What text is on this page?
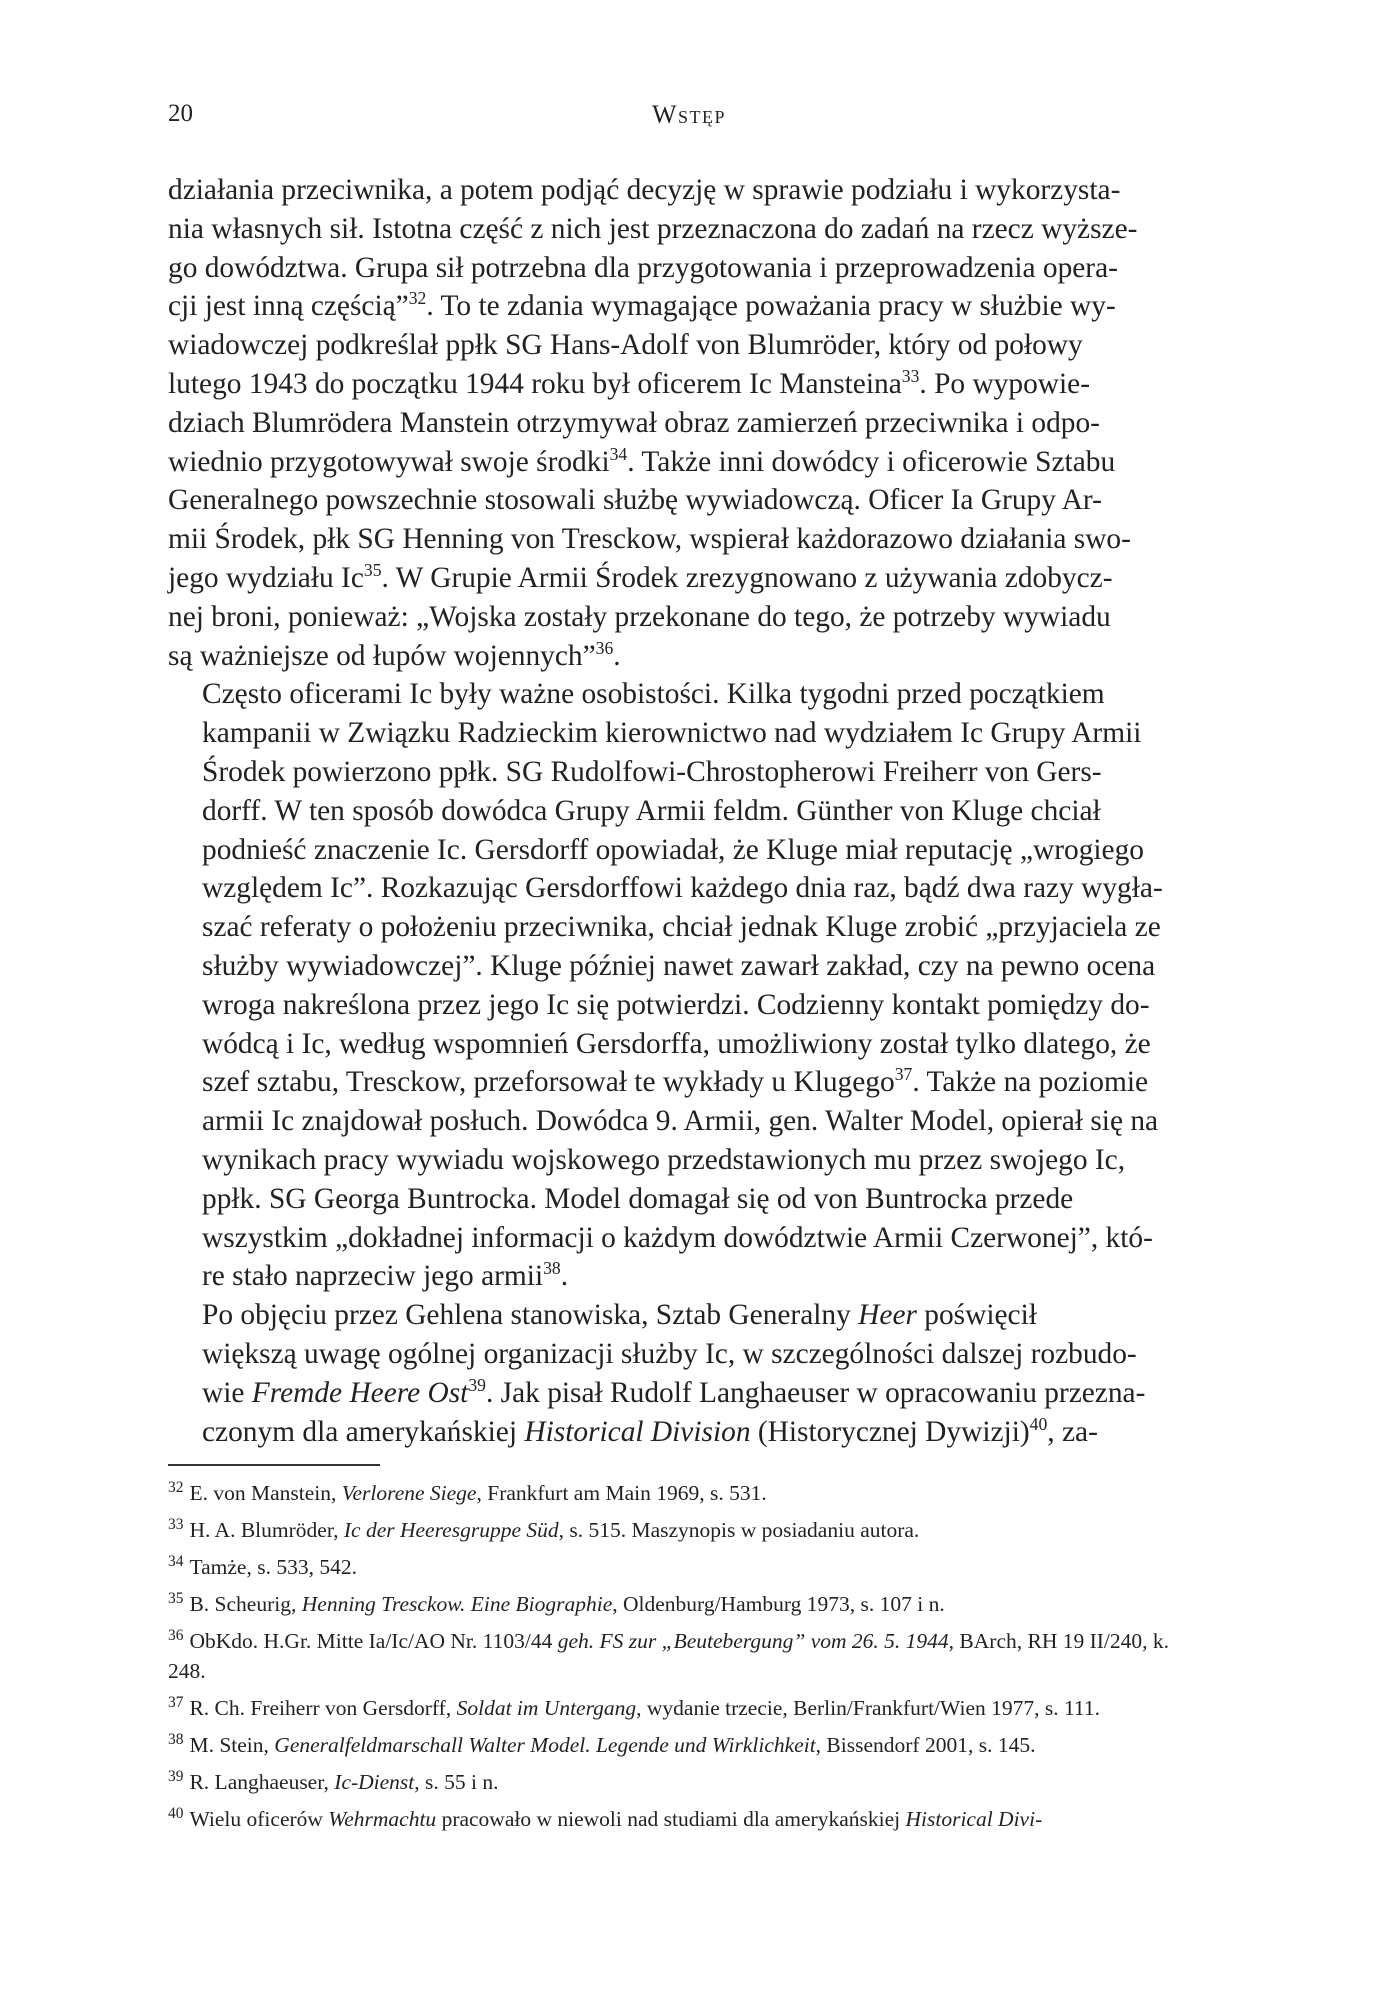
20	Wstęp
działania przeciwnika, a potem podjąć decyzję w sprawie podziału i wykorzysta-
nia własnych sił. Istotna część z nich jest przeznaczona do zadań na rzecz wyższe-
go dowództwa. Grupa sił potrzebna dla przygotowania i przeprowadzenia opera-
cji jest inną częścią”$^{32}$. To te zdania wymagające poważania pracy w służbie wy-
wiadowczej podkreślał ppłk SG Hans-Adolf von Blumröder, który od połowy
lutego 1943 do początku 1944 roku był oficerem Ic Mansteina$^{33}$. Po wypowie-
dziach Blumrödera Manstein otrzymywał obraz zamierzeń przeciwnika i odpo-
wiednio przygotowywał swoje środki$^{34}$. Także inni dowódcy i oficerowie Sztabu
Generalnego powszechnie stosowali służbę wywiadowczą. Oficer Ia Grupy Ar-
mii Środek, płk SG Henning von Tresckow, wspierał każdorazowo działania swo-
jego wydziału Ic$^{35}$. W Grupie Armii Środek zrezygnowano z używania zdobycz-
nej broni, ponieważ: „Wojska zostały przekonane do tego, że potrzeby wywiadu
są ważniejsze od łupów wojennych”$^{36}$.
Często oficerami Ic były ważne osobistości. Kilka tygodni przed początkiem
kampanii w Związku Radzieckim kierownictwo nad wydziałem Ic Grupy Armii
Środek powierzono ppłk. SG Rudolfowi-Chrostopherowi Freiherr von Gers-
dorff. W ten sposób dowódca Grupy Armii feldm. Günther von Kluge chciał
podnieść znaczenie Ic. Gersdorff opowiadał, że Kluge miał reputację „wrogiego
względem Ic”. Rozkazując Gersdorffowi każdego dnia raz, bądź dwa razy wygła-
szać referaty o położeniu przeciwnika, chciał jednak Kluge zrobić „przyjaciela ze
służby wywiadowczej”. Kluge później nawet zawarł zakład, czy na pewno ocena
wroga nakreślona przez jego Ic się potwierdzi. Codzienny kontakt pomiędzy do-
wódcą i Ic, według wspomnień Gersdorffa, umożliwiony został tylko dlatego, że
szef sztabu, Tresckow, przeforsował te wykłady u Klugego$^{37}$. Także na poziomie
armii Ic znajdował posłuch. Dowódca 9. Armii, gen. Walter Model, opierał się na
wynikach pracy wywiadu wojskowego przedstawionych mu przez swojego Ic,
ppłk. SG Georga Buntrocka. Model domagał się od von Buntrocka przede
wszystkim „dokładnej informacji o każdym dowództwie Armii Czerwonej”, któ-
re stało naprzeciw jego armii$^{38}$.
Po objęciu przez Gehlena stanowiska, Sztab Generalny Heer poświęcił
większą uwagę ogólnej organizacji służby Ic, w szczególności dalszej rozbudo-
wie Fremde Heere Ost$^{39}$. Jak pisał Rudolf Langhaeuser w opracowaniu przezna-
czonym dla amerykańskiej Historical Division (Historycznej Dywizji)$^{40}$, za-
$^{32}$ E. von Manstein, Verlorene Siege, Frankfurt am Main 1969, s. 531.
$^{33}$ H. A. Blumröder, Ic der Heeresgruppe Süd, s. 515. Maszynopis w posiadaniu autora.
$^{34}$ Tamże, s. 533, 542.
$^{35}$ B. Scheurig, Henning Tresckow. Eine Biographie, Oldenburg/Hamburg 1973, s. 107 i n.
$^{36}$ ObKdo. H.Gr. Mitte Ia/Ic/AO Nr. 1103/44 geh. FS zur „Beutebergung” vom 26. 5. 1944, BArch, RH 19 II/240, k. 248.
$^{37}$ R. Ch. Freiherr von Gersdorff, Soldat im Untergang, wydanie trzecie, Berlin/Frankfurt/Wien 1977, s. 111.
$^{38}$ M. Stein, Generalfeldmarschall Walter Model. Legende und Wirklichkeit, Bissendorf 2001, s. 145.
$^{39}$ R. Langhaeuser, Ic-Dienst, s. 55 i n.
$^{40}$ Wielu oficerów Wehrmachtu pracowało w niewoli nad studiami dla amerykańskiej Historical Divi-
